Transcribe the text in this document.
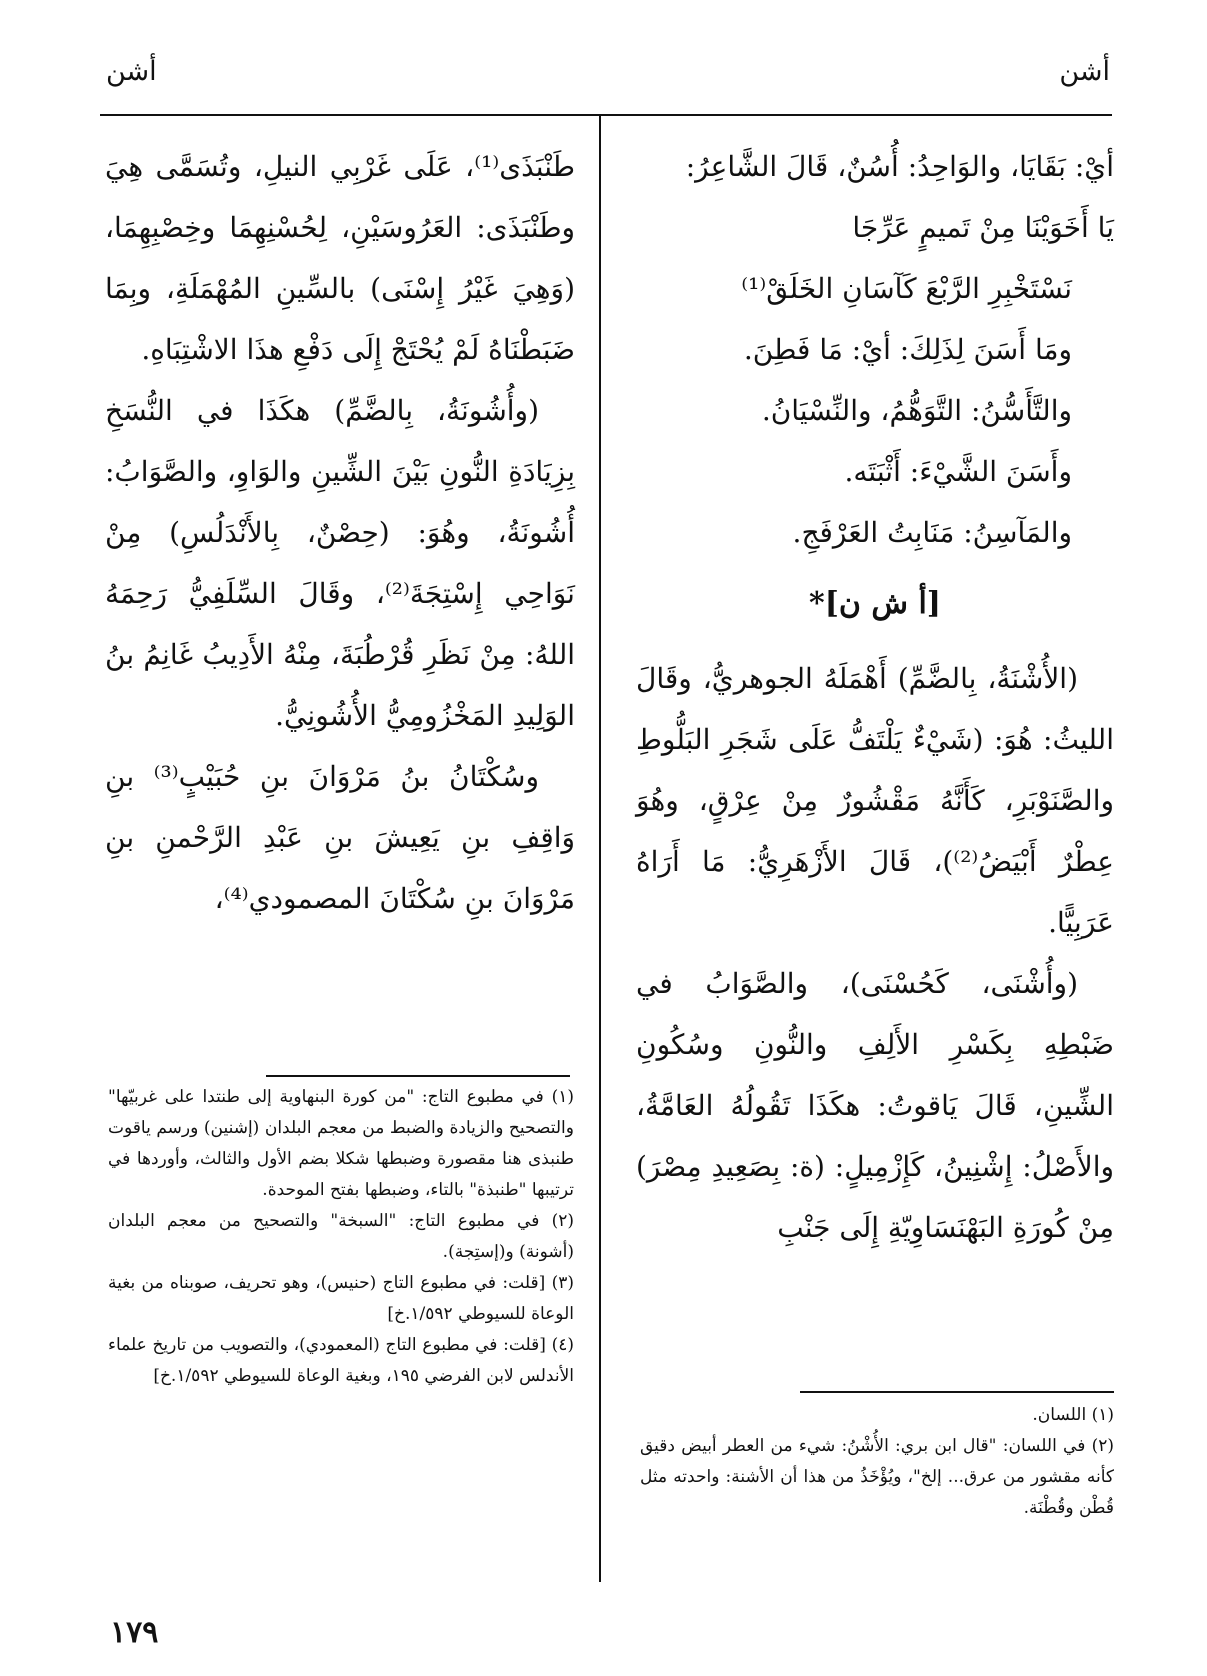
أشن
أشن

أيْ: بَقَايَا، والوَاحِدُ: أُسُنٌ، قَالَ الشَّاعِرُ:

يَا أَخَوَيْنَا مِنْ تَميمٍ عَرِّجَا
نَسْتَخْبِرِ الرَّبْعَ كَآسَانِ الخَلَقْ⁽¹⁾
ومَا أَسَنَ لِذَلِكَ: أيْ: مَا فَطِنَ.
والتَّأَسُّنُ: التَّوَهُّمُ، والنِّسْيَانُ.
وأَسَنَ الشَّيْءَ: أَثْبَتَه.
والمَآسِنُ: مَنَابِتُ العَرْفَجِ.
[أ ش ن]*

(الأُشْنَةُ، بِالضَّمِّ) أَهْمَلَهُ الجوهريُّ، وقَالَ الليثُ: هُوَ: (شَيْءٌ يَلْتَفُّ عَلَى شَجَرِ البَلُّوطِ والصَّنَوْبَرِ، كَأَنَّهُ مَقْشُورٌ مِنْ عِرْقٍ، وهُوَ عِطْرٌ أَبْيَضُ⁽²⁾)، قَالَ الأَزْهَرِيُّ: مَا أَرَاهُ عَرَبِيًّا.

(وأُشْنَى، كَحُسْنَى)، والصَّوَابُ في ضَبْطِهِ بِكَسْرِ الأَلِفِ والنُّونِ وسُكُونِ الشِّينِ، قَالَ يَاقوتُ: هكَذَا تَقُولُهُ العَامَّةُ، والأَصْلُ: إِشْنِينُ، كَإِزْمِيلٍ: (ة: بِصَعِيدِ مِصْرَ) مِنْ كُورَةِ البَهْنَسَاوِيّةِ إِلَى جَنْبِ

طَنْبَذَى⁽¹⁾، عَلَى غَرْبِي النيلِ، وتُسَمَّى هِيَ وطَنْبَذَى: العَرُوسَيْنِ، لِحُسْنِهِمَا وخِصْبِهِمَا، (وَهِيَ غَيْرُ إِسْنَى) بالسِّينِ المُهْمَلَةِ، وبِمَا ضَبَطْنَاهُ لَمْ يُحْتَجْ إِلَى دَفْعِ هذَا الاشْتِبَاهِ.

(وأُشُونَةُ، بِالضَّمِّ) هكَذَا في النُّسَخِ بِزِيَادَةِ النُّونِ بَيْنَ الشِّينِ والوَاوِ، والصَّوَابُ: أُشُونَةُ، وهُوَ: (حِصْنٌ، بِالأَنْدَلُسِ) مِنْ نَوَاحِي إِسْتِجَةَ⁽²⁾، وقَالَ السِّلَفِيُّ رَحِمَهُ اللهُ: مِنْ نَظَرِ قُرْطُبَةَ، مِنْهُ الأَدِيبُ غَانِمُ بنُ الوَلِيدِ المَخْزُومِيُّ الأُشُونِيُّ.

وسُكْتَانُ بنُ مَرْوَانَ بنِ حُبَيْبٍ⁽³⁾ بنِ وَاقِفِ بنِ يَعِيشَ بنِ عَبْدِ الرَّحْمنِ بنِ مَرْوَانَ بنِ سُكْتَانَ المصمودي⁽⁴⁾،

(١) في مطبوع التاج: "من كورة البنهاوية إلى طنتدا على غربيّها" والتصحيح والزيادة والضبط من معجم البلدان (إشنين) ورسم ياقوت طنبذى هنا مقصورة وضبطها شكلا بضم الأول والثالث، وأوردها في ترتيبها "طنبذة" بالتاء، وضبطها بفتح الموحدة.

(٢) في مطبوع التاج: "السبخة" والتصحيح من معجم البلدان (أشونة) و(إستِجة).

(٣) [قلت: في مطبوع التاج (حنيس)، وهو تحريف، صوبناه من بغية الوعاة للسيوطي ١/٥٩٢.خ]

(٤) [قلت: في مطبوع التاج (المعمودي)، والتصويب من تاريخ علماء الأندلس لابن الفرضي ١٩٥، وبغية الوعاة للسيوطي ١/٥٩٢.خ]

(١) اللسان.

(٢) في اللسان: "قال ابن بري: الأُشْنُ: شيء من العطر أبيض دقيق كأنه مقشور من عرق... إلخ"، ويُؤْخَذُ من هذا أن الأشنة: واحدته مثل قُطْن وقُطْنَة.

١٧٩
